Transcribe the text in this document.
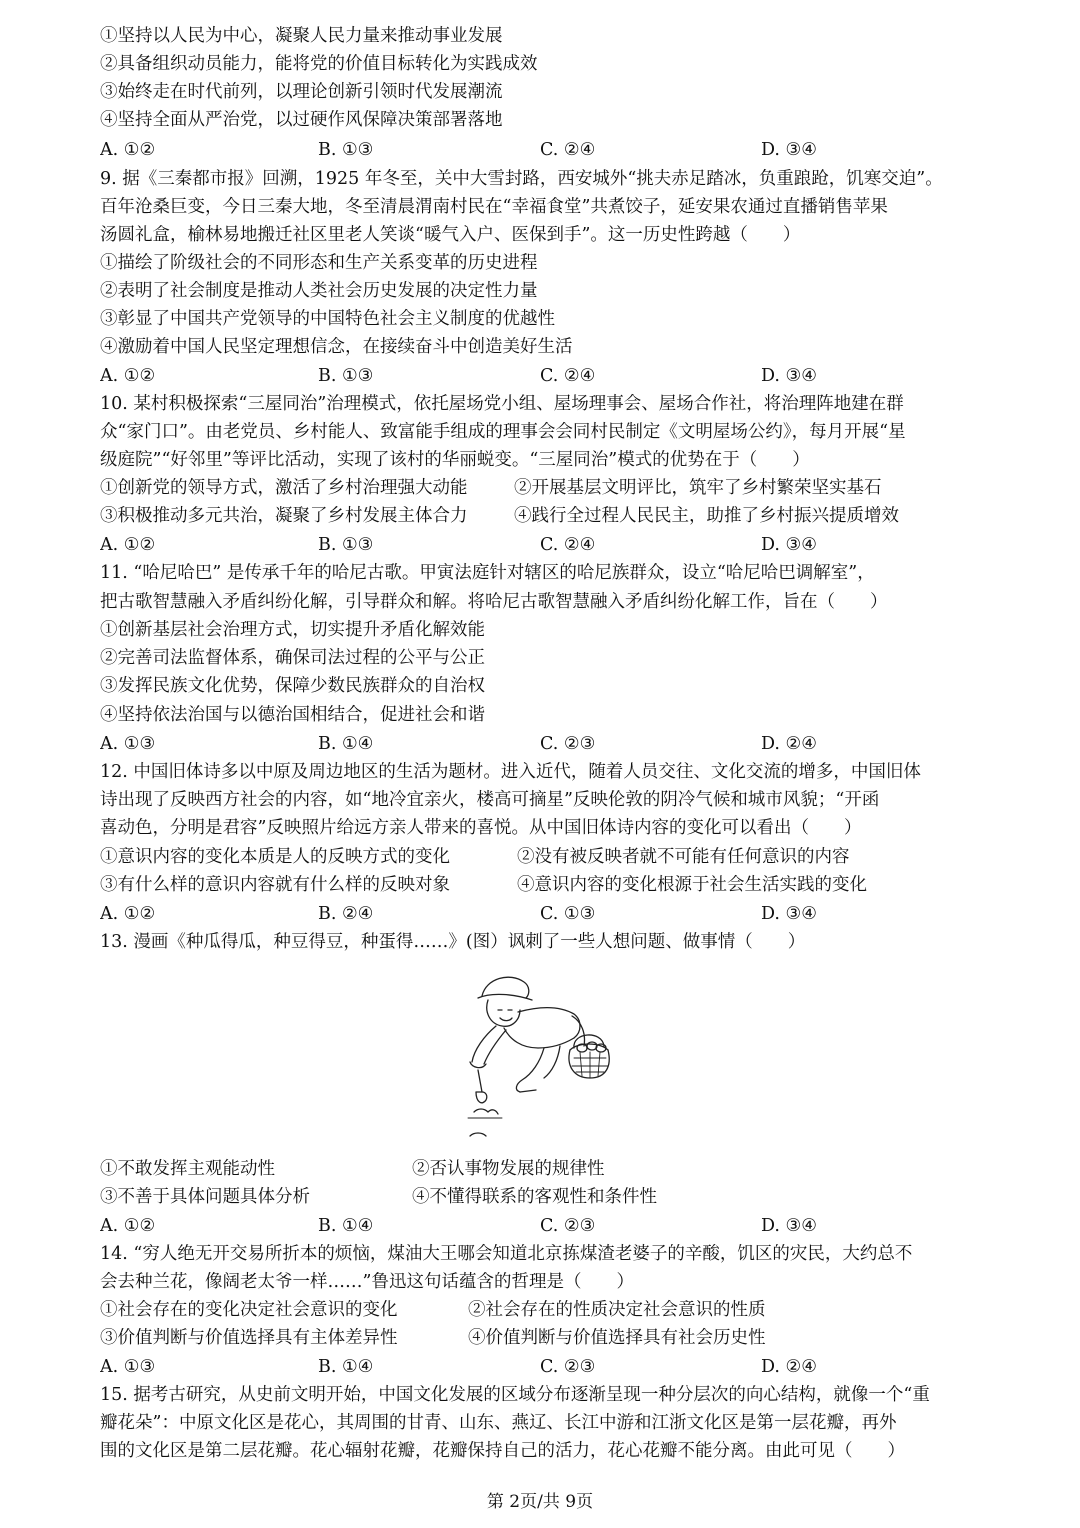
①坚持以人民为中心，凝聚人民力量来推动事业发展
②具备组织动员能力，能将党的价值目标转化为实践成效
③始终走在时代前列，以理论创新引领时代发展潮流
④坚持全面从严治党，以过硬作风保障决策部署落地
A. ①②	B. ①③	C. ②④	D. ③④
9. 据《三秦都市报》回溯，1925 年冬至，关中大雪封路，西安城外“挑夫赤足踏冰，负重踉跄，饥寒交迫”。
百年沧桑巨变，今日三秦大地，冬至清晨渭南村民在“幸福食堂”共煮饺子，延安果农通过直播销售苹果
汤圆礼盒，榆林易地搬迁社区里老人笑谈“暖气入户、医保到手”。这一历史性跨越（　　）
①描绘了阶级社会的不同形态和生产关系变革的历史进程
②表明了社会制度是推动人类社会历史发展的决定性力量
③彰显了中国共产党领导的中国特色社会主义制度的优越性
④激励着中国人民坚定理想信念，在接续奋斗中创造美好生活
A. ①②	B. ①③	C. ②④	D. ③④
10. 某村积极探索“三屋同治”治理模式，依托屋场党小组、屋场理事会、屋场合作社，将治理阵地建在群
众“家门口”。由老党员、乡村能人、致富能手组成的理事会会同村民制定《文明屋场公约》，每月开展“星
级庭院”“好邻里”等评比活动，实现了该村的华丽蜕变。“三屋同治”模式的优势在于（　　）
①创新党的领导方式，激活了乡村治理强大动能	②开展基层文明评比，筑牢了乡村繁荣坚实基石
③积极推动多元共治，凝聚了乡村发展主体合力	④践行全过程人民民主，助推了乡村振兴提质增效
A. ①②	B. ①③	C. ②④	D. ③④
11. “哈尼哈巴” 是传承千年的哈尼古歌。甲寅法庭针对辖区的哈尼族群众，设立“哈尼哈巴调解室”，
把古歌智慧融入矛盾纠纷化解，引导群众和解。将哈尼古歌智慧融入矛盾纠纷化解工作，旨在（　　）
①创新基层社会治理方式，切实提升矛盾化解效能
②完善司法监督体系，确保司法过程的公平与公正
③发挥民族文化优势，保障少数民族群众的自治权
④坚持依法治国与以德治国相结合，促进社会和谐
A. ①③	B. ①④	C. ②③	D. ②④
12. 中国旧体诗多以中原及周边地区的生活为题材。进入近代，随着人员交往、文化交流的增多，中国旧体
诗出现了反映西方社会的内容，如“地冷宜亲火，楼高可摘星”反映伦敦的阴冷气候和城市风貌；“开函
喜动色，分明是君容”反映照片给远方亲人带来的喜悦。从中国旧体诗内容的变化可以看出（　　）
①意识内容的变化本质是人的反映方式的变化	②没有被反映者就不可能有任何意识的内容
③有什么样的意识内容就有什么样的反映对象	④意识内容的变化根源于社会生活实践的变化
A. ①②	B. ②④	C. ①③	D. ③④
13. 漫画《种瓜得瓜，种豆得豆，种蛋得……》(图）讽刺了一些人想问题、做事情（　　）
①不敢发挥主观能动性	②否认事物发展的规律性
③不善于具体问题具体分析	④不懂得联系的客观性和条件性
A. ①②	B. ①④	C. ②③	D. ③④
14. “穷人绝无开交易所折本的烦恼，煤油大王哪会知道北京拣煤渣老婆子的辛酸，饥区的灾民，大约总不
会去种兰花，像阔老太爷一样……”鲁迅这句话蕴含的哲理是（　　）
①社会存在的变化决定社会意识的变化	②社会存在的性质决定社会意识的性质
③价值判断与价值选择具有主体差异性	④价值判断与价值选择具有社会历史性
A. ①③	B. ①④	C. ②③	D. ②④
15. 据考古研究，从史前文明开始，中国文化发展的区域分布逐渐呈现一种分层次的向心结构，就像一个“重
瓣花朵”：中原文化区是花心，其周围的甘青、山东、燕辽、长江中游和江浙文化区是第一层花瓣，再外
围的文化区是第二层花瓣。花心辐射花瓣，花瓣保持自己的活力，花心花瓣不能分离。由此可见（　　）
第 2页/共 9页
